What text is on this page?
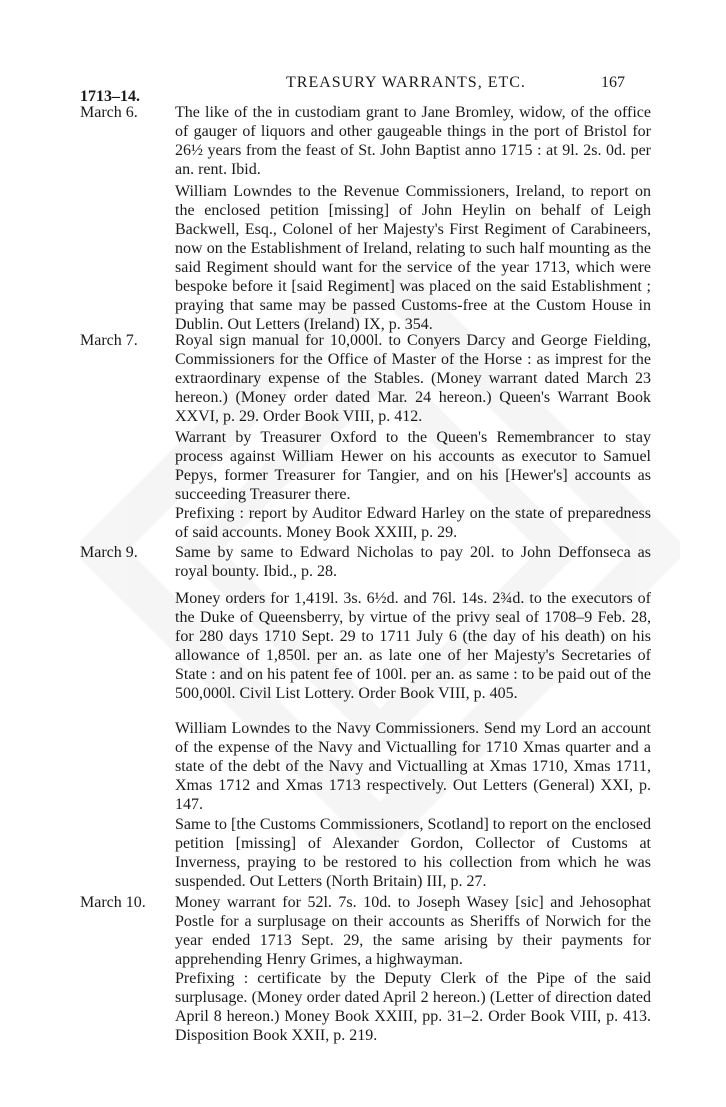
1713–14.
TREASURY WARRANTS, ETC.	167
March 6. The like of the in custodiam grant to Jane Bromley, widow, of the office of gauger of liquors and other gaugeable things in the port of Bristol for 26½ years from the feast of St. John Baptist anno 1715 : at 9l. 2s. 0d. per an. rent. Ibid.

William Lowndes to the Revenue Commissioners, Ireland, to report on the enclosed petition [missing] of John Heylin on behalf of Leigh Backwell, Esq., Colonel of her Majesty's First Regiment of Carabineers, now on the Establishment of Ireland, relating to such half mounting as the said Regiment should want for the service of the year 1713, which were bespoke before it [said Regiment] was placed on the said Establishment ; praying that same may be passed Customs-free at the Custom House in Dublin. Out Letters (Ireland) IX, p. 354.

March 7. Royal sign manual for 10,000l. to Conyers Darcy and George Fielding, Commissioners for the Office of Master of the Horse : as imprest for the extraordinary expense of the Stables. (Money warrant dated March 23 hereon.) (Money order dated Mar. 24 hereon.) Queen's Warrant Book XXVI, p. 29. Order Book VIII, p. 412.

Warrant by Treasurer Oxford to the Queen's Remembrancer to stay process against William Hewer on his accounts as executor to Samuel Pepys, former Treasurer for Tangier, and on his [Hewer's] accounts as succeeding Treasurer there.

Prefixing : report by Auditor Edward Harley on the state of preparedness of said accounts. Money Book XXIII, p. 29.

March 9. Same by same to Edward Nicholas to pay 20l. to John Deffonseca as royal bounty. Ibid., p. 28.

Money orders for 1,419l. 3s. 6½d. and 76l. 14s. 2¾d. to the executors of the Duke of Queensberry, by virtue of the privy seal of 1708–9 Feb. 28, for 280 days 1710 Sept. 29 to 1711 July 6 (the day of his death) on his allowance of 1,850l. per an. as late one of her Majesty's Secretaries of State : and on his patent fee of 100l. per an. as same : to be paid out of the 500,000l. Civil List Lottery. Order Book VIII, p. 405.

William Lowndes to the Navy Commissioners. Send my Lord an account of the expense of the Navy and Victualling for 1710 Xmas quarter and a state of the debt of the Navy and Victualling at Xmas 1710, Xmas 1711, Xmas 1712 and Xmas 1713 respectively. Out Letters (General) XXI, p. 147.

Same to [the Customs Commissioners, Scotland] to report on the enclosed petition [missing] of Alexander Gordon, Collector of Customs at Inverness, praying to be restored to his collection from which he was suspended. Out Letters (North Britain) III, p. 27.

March 10. Money warrant for 52l. 7s. 10d. to Joseph Wasey [sic] and Jehosophat Postle for a surplusage on their accounts as Sheriffs of Norwich for the year ended 1713 Sept. 29, the same arising by their payments for apprehending Henry Grimes, a highwayman.

Prefixing : certificate by the Deputy Clerk of the Pipe of the said surplusage. (Money order dated April 2 hereon.) (Letter of direction dated April 8 hereon.) Money Book XXIII, pp. 31–2. Order Book VIII, p. 413. Disposition Book XXII, p. 219.
